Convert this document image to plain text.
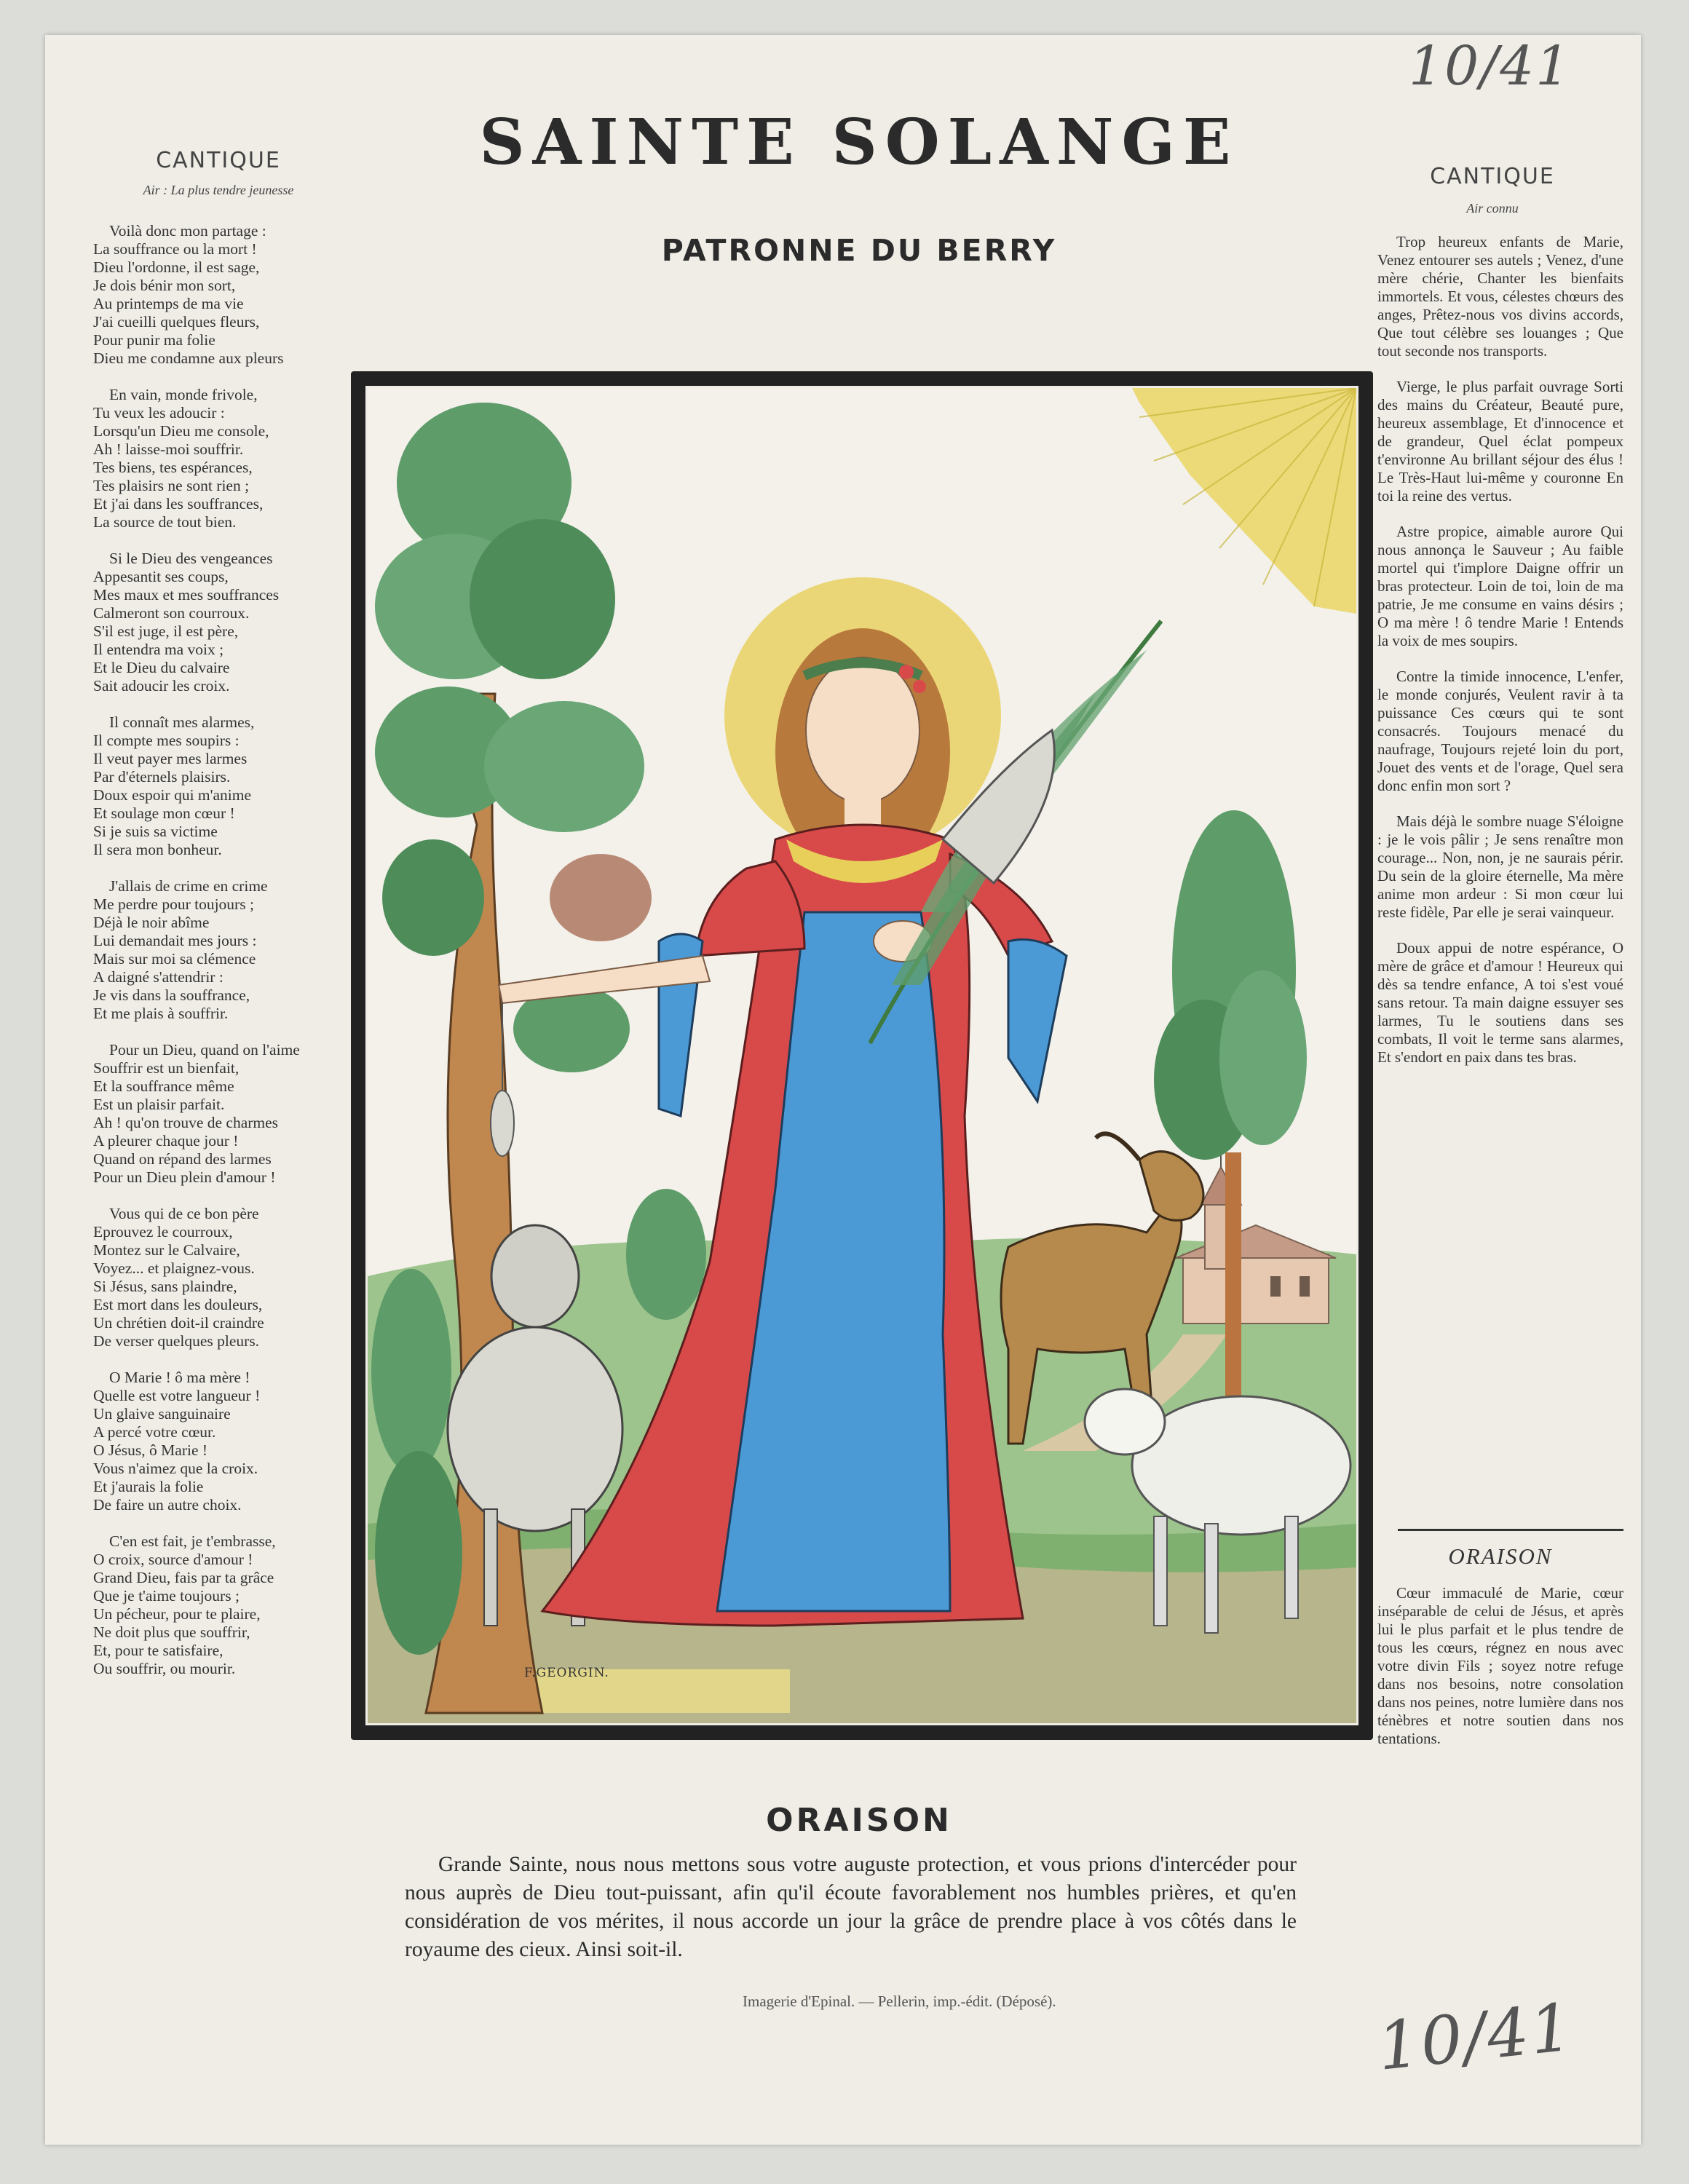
10/41
CANTIQUE
Air : La plus tendre jeunesse
Voilà donc mon partage :
La souffrance ou la mort !
Dieu l'ordonne, il est sage,
Je dois bénir mon sort,
Au printemps de ma vie
J'ai cueilli quelques fleurs,
Pour punir ma folie
Dieu me condamne aux pleurs
En vain, monde frivole,
Tu veux les adoucir :
Lorsqu'un Dieu me console,
Ah ! laisse-moi souffrir.
Tes biens, tes espérances,
Tes plaisirs ne sont rien ;
Et j'ai dans les souffrances,
La source de tout bien.
Si le Dieu des vengeances
Appesantit ses coups,
Mes maux et mes souffrances
Calmeront son courroux.
S'il est juge, il est père,
Il entendra ma voix ;
Et le Dieu du calvaire
Sait adoucir les croix.
Il connaît mes alarmes,
Il compte mes soupirs :
Il veut payer mes larmes
Par d'éternels plaisirs.
Doux espoir qui m'anime
Et soulage mon cœur !
Si je suis sa victime
Il sera mon bonheur.
J'allais de crime en crime
Me perdre pour toujours ;
Déjà le noir abîme
Lui demandait mes jours :
Mais sur moi sa clémence
A daigné s'attendrir :
Je vis dans la souffrance,
Et me plais à souffrir.
Pour un Dieu, quand on l'aime
Souffrir est un bienfait,
Et la souffrance même
Est un plaisir parfait.
Ah ! qu'on trouve de charmes
A pleurer chaque jour !
Quand on répand des larmes
Pour un Dieu plein d'amour !
Vous qui de ce bon père
Eprouvez le courroux,
Montez sur le Calvaire,
Voyez... et plaignez-vous.
Si Jésus, sans plaindre,
Est mort dans les douleurs,
Un chrétien doit-il craindre
De verser quelques pleurs.
O Marie ! ô ma mère !
Quelle est votre langueur !
Un glaive sanguinaire
A percé votre cœur.
O Jésus, ô Marie !
Vous n'aimez que la croix.
Et j'aurais la folie
De faire un autre choix.
C'en est fait, je t'embrasse,
O croix, source d'amour !
Grand Dieu, fais par ta grâce
Que je t'aime toujours ;
Un pécheur, pour te plaire,
Ne doit plus que souffrir,
Et, pour te satisfaire,
Ou souffrir, ou mourir.
SAINTE SOLANGE
PATRONNE DU BERRY
CANTIQUE
Air connu

Trop heureux enfants de Marie, Venez entourer ses autels ; Venez, d'une mère chérie, Chanter les bienfaits immortels. Et vous, célestes chœurs des anges, Prêtez-nous vos divins accords, Que tout célèbre ses louanges ; Que tout seconde nos transports.

Vierge, le plus parfait ouvrage Sorti des mains du Créateur, Beauté pure, heureux assemblage, Et d'innocence et de grandeur, Quel éclat pompeux t'environne Au brillant séjour des élus ! Le Très-Haut lui-même y couronne En toi la reine des vertus.

Astre propice, aimable aurore Qui nous annonça le Sauveur ; Au faible mortel qui t'implore Daigne offrir un bras protecteur. Loin de toi, loin de ma patrie, Je me consume en vains désirs ; O ma mère ! ô tendre Marie ! Entends la voix de mes soupirs.

Contre la timide innocence, L'enfer, le monde conjurés, Veulent ravir à ta puissance Ces cœurs qui te sont consacrés. Toujours menacé du naufrage, Toujours rejeté loin du port, Jouet des vents et de l'orage, Quel sera donc enfin mon sort ?

Mais déjà le sombre nuage S'éloigne : je le vois pâlir ; Je sens renaître mon courage... Non, non, je ne saurais périr. Du sein de la gloire éternelle, Ma mère anime mon ardeur : Si mon cœur lui reste fidèle, Par elle je serai vainqueur.

Doux appui de notre espérance, O mère de grâce et d'amour ! Heureux qui dès sa tendre enfance, A toi s'est voué sans retour. Ta main daigne essuyer ses larmes, Tu le soutiens dans ses combats, Il voit le terme sans alarmes, Et s'endort en paix dans tes bras.

ORAISON

Cœur immaculé de Marie, cœur inséparable de celui de Jésus, et après lui le plus parfait et le plus tendre de tous les cœurs, régnez en nous avec votre divin Fils ; soyez notre refuge dans nos besoins, notre consolation dans nos peines, notre lumière dans nos ténèbres et notre soutien dans nos tentations.

F.GEORGIN.
ORAISON

Grande Sainte, nous nous mettons sous votre auguste protection, et vous prions d'intercéder pour nous auprès de Dieu tout-puissant, afin qu'il écoute favorablement nos humbles prières, et qu'en considération de vos mérites, il nous accorde un jour la grâce de prendre place à vos côtés dans le royaume des cieux. Ainsi soit-il.

Imagerie d'Epinal. — Pellerin, imp.-édit. (Déposé).	10/41
